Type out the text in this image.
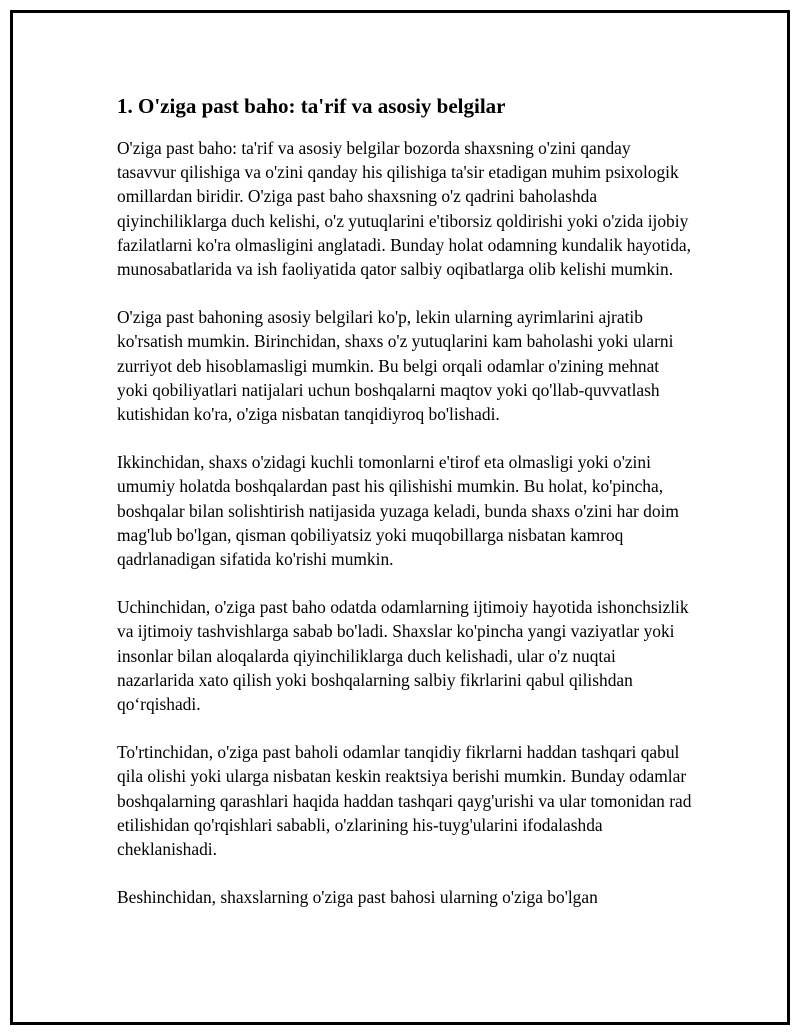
1. O'ziga past baho: ta'rif va asosiy belgilar

O'ziga past baho: ta'rif va asosiy belgilar bozorda shaxsning o'zini qanday tasavvur qilishiga va o'zini qanday his qilishiga ta'sir etadigan muhim psixologik omillardan biridir. O'ziga past baho shaxsning o'z qadrini baholashda qiyinchiliklarga duch kelishi, o'z yutuqlarini e'tiborsiz qoldirishi yoki o'zida ijobiy fazilatlarni ko'ra olmasligini anglatadi. Bunday holat odamning kundalik hayotida, munosabatlarida va ish faoliyatida qator salbiy oqibatlarga olib kelishi mumkin.

O'ziga past bahoning asosiy belgilari ko'p, lekin ularning ayrimlarini ajratib ko'rsatish mumkin. Birinchidan, shaxs o'z yutuqlarini kam baholashi yoki ularni zurriyot deb hisoblamasligi mumkin. Bu belgi orqali odamlar o'zining mehnat yoki qobiliyatlari natijalari uchun boshqalarni maqtov yoki qo'llab-quvvatlash kutishidan ko'ra, o'ziga nisbatan tanqidiyroq bo'lishadi.

Ikkinchidan, shaxs o'zidagi kuchli tomonlarni e'tirof eta olmasligi yoki o'zini umumiy holatda boshqalardan past his qilishishi mumkin. Bu holat, ko'pincha, boshqalar bilan solishtirish natijasida yuzaga keladi, bunda shaxs o'zini har doim mag'lub bo'lgan, qisman qobiliyatsiz yoki muqobillarga nisbatan kamroq qadrlanadigan sifatida ko'rishi mumkin.

Uchinchidan, o'ziga past baho odatda odamlarning ijtimoiy hayotida ishonchsizlik va ijtimoiy tashvishlarga sabab bo'ladi. Shaxslar ko'pincha yangi vaziyatlar yoki insonlar bilan aloqalarda qiyinchiliklarga duch kelishadi, ular o'z nuqtai nazarlarida xato qilish yoki boshqalarning salbiy fikrlarini qabul qilishdan qo‘rqishadi.

To'rtinchidan, o'ziga past baholi odamlar tanqidiy fikrlarni haddan tashqari qabul qila olishi yoki ularga nisbatan keskin reaktsiya berishi mumkin. Bunday odamlar boshqalarning qarashlari haqida haddan tashqari qayg'urishi va ular tomonidan rad etilishidan qo'rqishlari sababli, o'zlarining his-tuyg'ularini ifodalashda cheklanishadi.

Beshinchidan, shaxslarning o'ziga past bahosi ularning o'ziga bo'lgan
